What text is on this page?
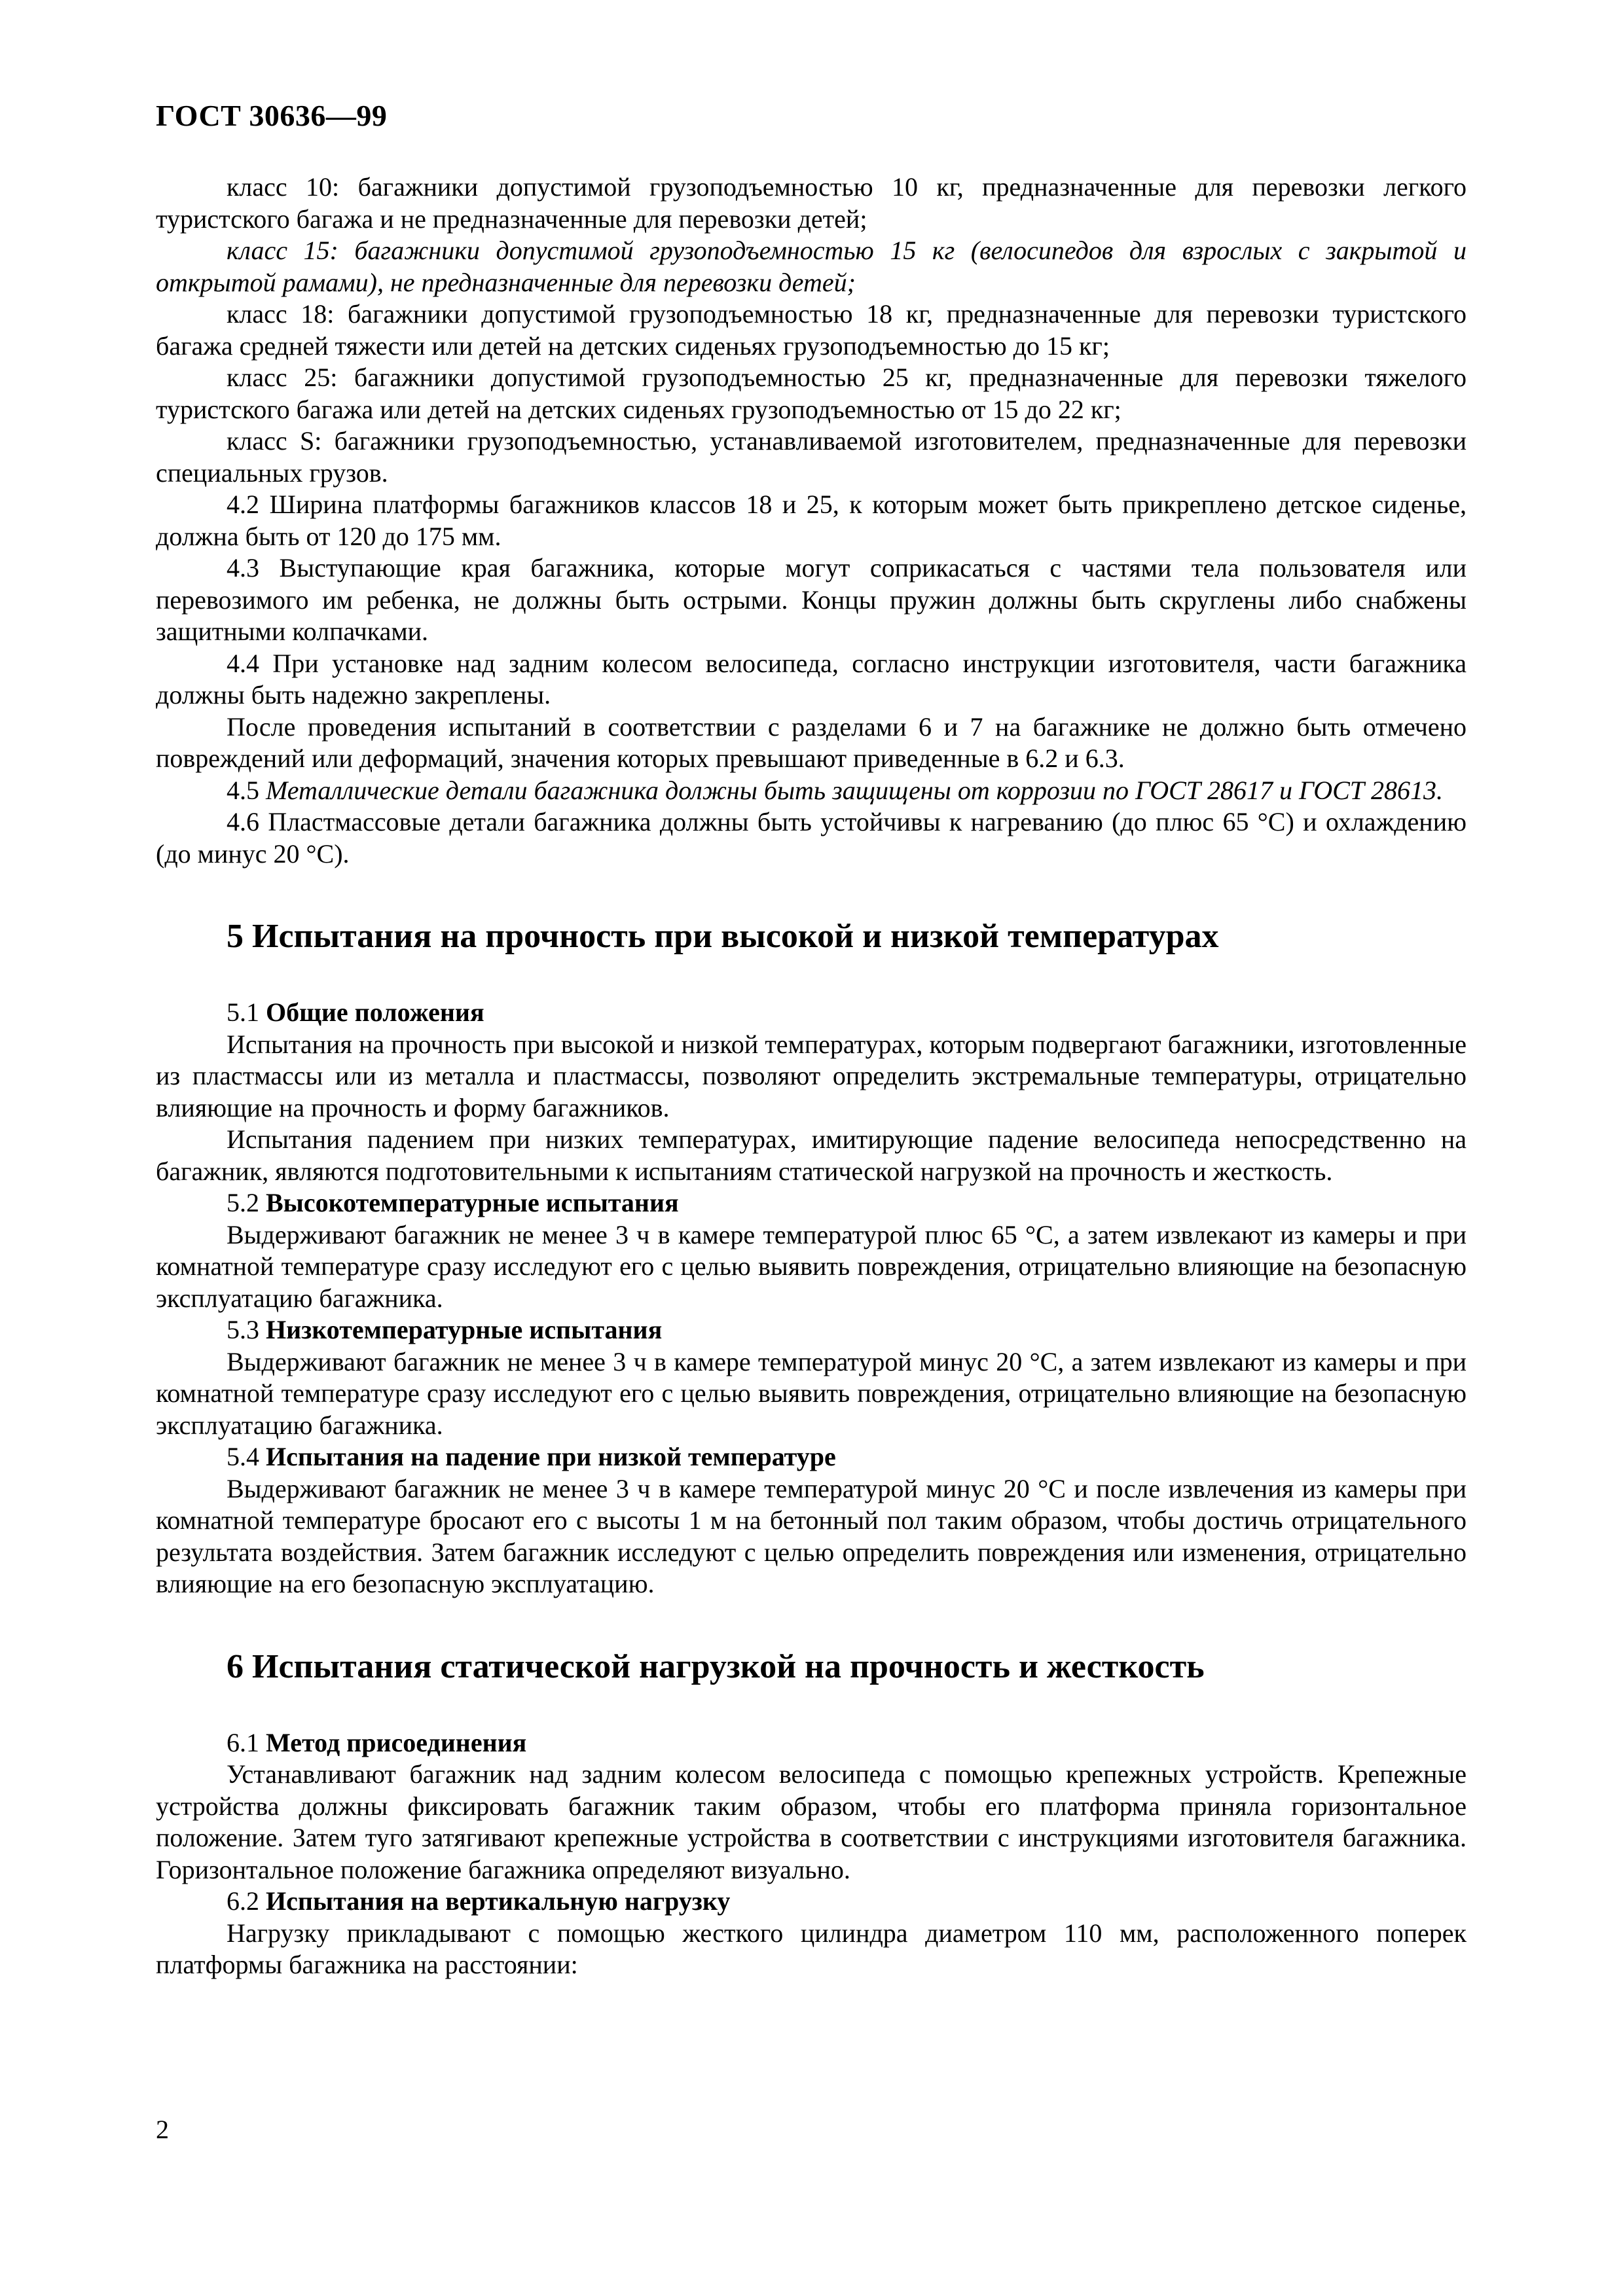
ГОСТ 30636—99

класс 10: багажники допустимой грузоподъемностью 10 кг, предназначенные для перевозки легкого туристского багажа и не предназначенные для перевозки детей;

класс 15: багажники допустимой грузоподъемностью 15 кг (велосипедов для взрослых с закрытой и открытой рамами), не предназначенные для перевозки детей;

класс 18: багажники допустимой грузоподъемностью 18 кг, предназначенные для перевозки туристского багажа средней тяжести или детей на детских сиденьях грузоподъемностью до 15 кг;

класс 25: багажники допустимой грузоподъемностью 25 кг, предназначенные для перевозки тяжелого туристского багажа или детей на детских сиденьях грузоподъемностью от 15 до 22 кг;

класс S: багажники грузоподъемностью, устанавливаемой изготовителем, предназначенные для перевозки специальных грузов.

4.2 Ширина платформы багажников классов 18 и 25, к которым может быть прикреплено детское сиденье, должна быть от 120 до 175 мм.

4.3 Выступающие края багажника, которые могут соприкасаться с частями тела пользователя или перевозимого им ребенка, не должны быть острыми. Концы пружин должны быть скруглены либо снабжены защитными колпачками.

4.4 При установке над задним колесом велосипеда, согласно инструкции изготовителя, части багажника должны быть надежно закреплены.

После проведения испытаний в соответствии с разделами 6 и 7 на багажнике не должно быть отмечено повреждений или деформаций, значения которых превышают приведенные в 6.2 и 6.3.

4.5 Металлические детали багажника должны быть защищены от коррозии по ГОСТ 28617 и ГОСТ 28613.

4.6 Пластмассовые детали багажника должны быть устойчивы к нагреванию (до плюс 65 °С) и охлаждению (до минус 20 °С).

5 Испытания на прочность при высокой и низкой температурах
5.1 Общие положения

Испытания на прочность при высокой и низкой температурах, которым подвергают багажники, изготовленные из пластмассы или из металла и пластмассы, позволяют определить экстремальные температуры, отрицательно влияющие на прочность и форму багажников.

Испытания падением при низких температурах, имитирующие падение велосипеда непосредственно на багажник, являются подготовительными к испытаниям статической нагрузкой на прочность и жесткость.

5.2 Высокотемпературные испытания

Выдерживают багажник не менее 3 ч в камере температурой плюс 65 °С, а затем извлекают из камеры и при комнатной температуре сразу исследуют его с целью выявить повреждения, отрицательно влияющие на безопасную эксплуатацию багажника.

5.3 Низкотемпературные испытания

Выдерживают багажник не менее 3 ч в камере температурой минус 20 °С, а затем извлекают из камеры и при комнатной температуре сразу исследуют его с целью выявить повреждения, отрицательно влияющие на безопасную эксплуатацию багажника.

5.4 Испытания на падение при низкой температуре

Выдерживают багажник не менее 3 ч в камере температурой минус 20 °С и после извлечения из камеры при комнатной температуре бросают его с высоты 1 м на бетонный пол таким образом, чтобы достичь отрицательного результата воздействия. Затем багажник исследуют с целью определить повреждения или изменения, отрицательно влияющие на его безопасную эксплуатацию.

6 Испытания статической нагрузкой на прочность и жесткость
6.1 Метод присоединения

Устанавливают багажник над задним колесом велосипеда с помощью крепежных устройств. Крепежные устройства должны фиксировать багажник таким образом, чтобы его платформа приняла горизонтальное положение. Затем туго затягивают крепежные устройства в соответствии с инструкциями изготовителя багажника. Горизонтальное положение багажника определяют визуально.

6.2 Испытания на вертикальную нагрузку

Нагрузку прикладывают с помощью жесткого цилиндра диаметром 110 мм, расположенного поперек платформы багажника на расстоянии:

2
